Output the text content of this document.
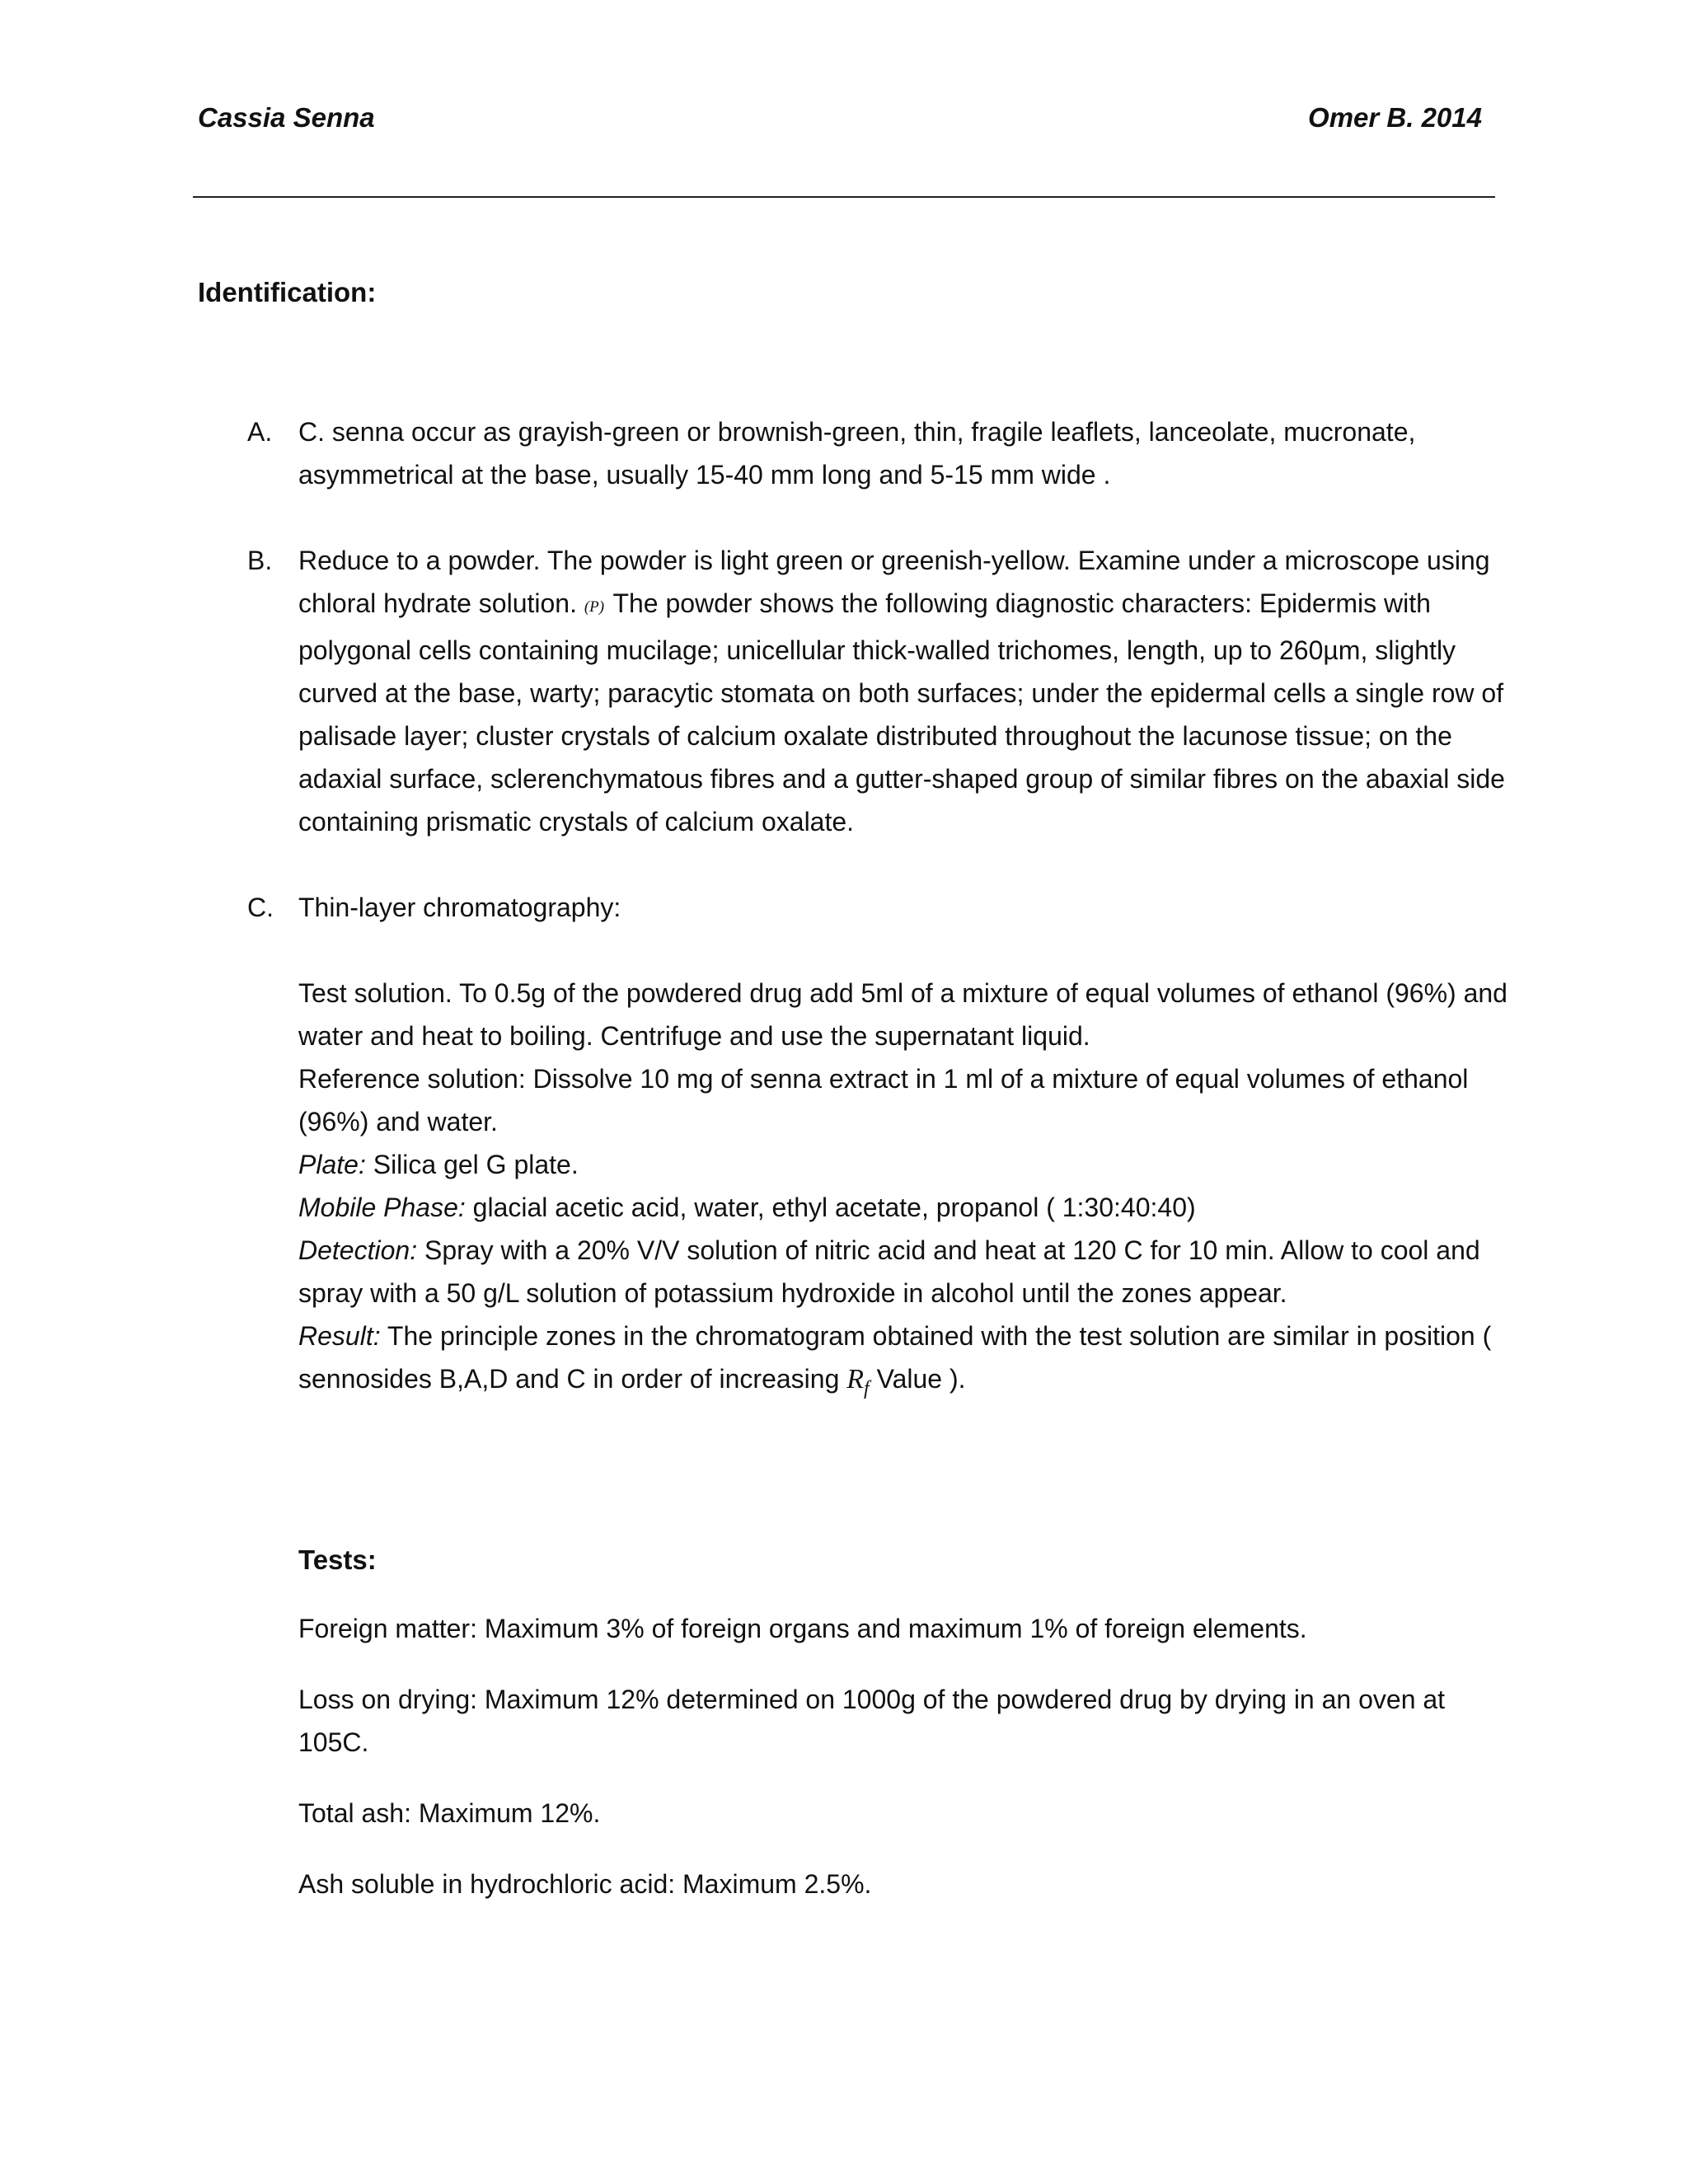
Cassia Senna	Omer B. 2014
Identification:
A. C. senna occur as grayish-green or brownish-green, thin, fragile leaflets, lanceolate, mucronate, asymmetrical at the base, usually 15-40 mm long and 5-15 mm wide .
B. Reduce to a powder. The powder is light green or greenish-yellow. Examine under a microscope using chloral hydrate solution. (P) The powder shows the following diagnostic characters: Epidermis with polygonal cells containing mucilage; unicellular thick-walled trichomes, length, up to 260µm, slightly curved at the base, warty; paracytic stomata on both surfaces; under the epidermal cells a single row of palisade layer; cluster crystals of calcium oxalate distributed throughout the lacunose tissue; on the adaxial surface, sclerenchymatous fibres and a gutter-shaped group of similar fibres on the abaxial side containing prismatic crystals of calcium oxalate.
C. Thin-layer chromatography:
Test solution. To 0.5g of the powdered drug add 5ml of a mixture of equal volumes of ethanol (96%) and water and heat to boiling. Centrifuge and use the supernatant liquid.
Reference solution: Dissolve 10 mg of senna extract in 1 ml of a mixture of equal volumes of ethanol (96%) and water.
Plate: Silica gel G plate.
Mobile Phase: glacial acetic acid, water, ethyl acetate, propanol ( 1:30:40:40)
Detection: Spray with a 20% V/V solution of nitric acid and heat at 120 C for 10 min. Allow to cool and spray with a 50 g/L solution of potassium hydroxide in alcohol until the zones appear.
Result: The principle zones in the chromatogram obtained with the test solution are similar in position ( sennosides B,A,D and C in order of increasing $R_f$ Value ).
Tests:
Foreign matter: Maximum 3% of foreign organs and maximum 1% of foreign elements.
Loss on drying: Maximum 12% determined on 1000g of the powdered drug by drying in an oven at 105C.
Total ash: Maximum 12%.
Ash soluble in hydrochloric acid: Maximum 2.5%.
